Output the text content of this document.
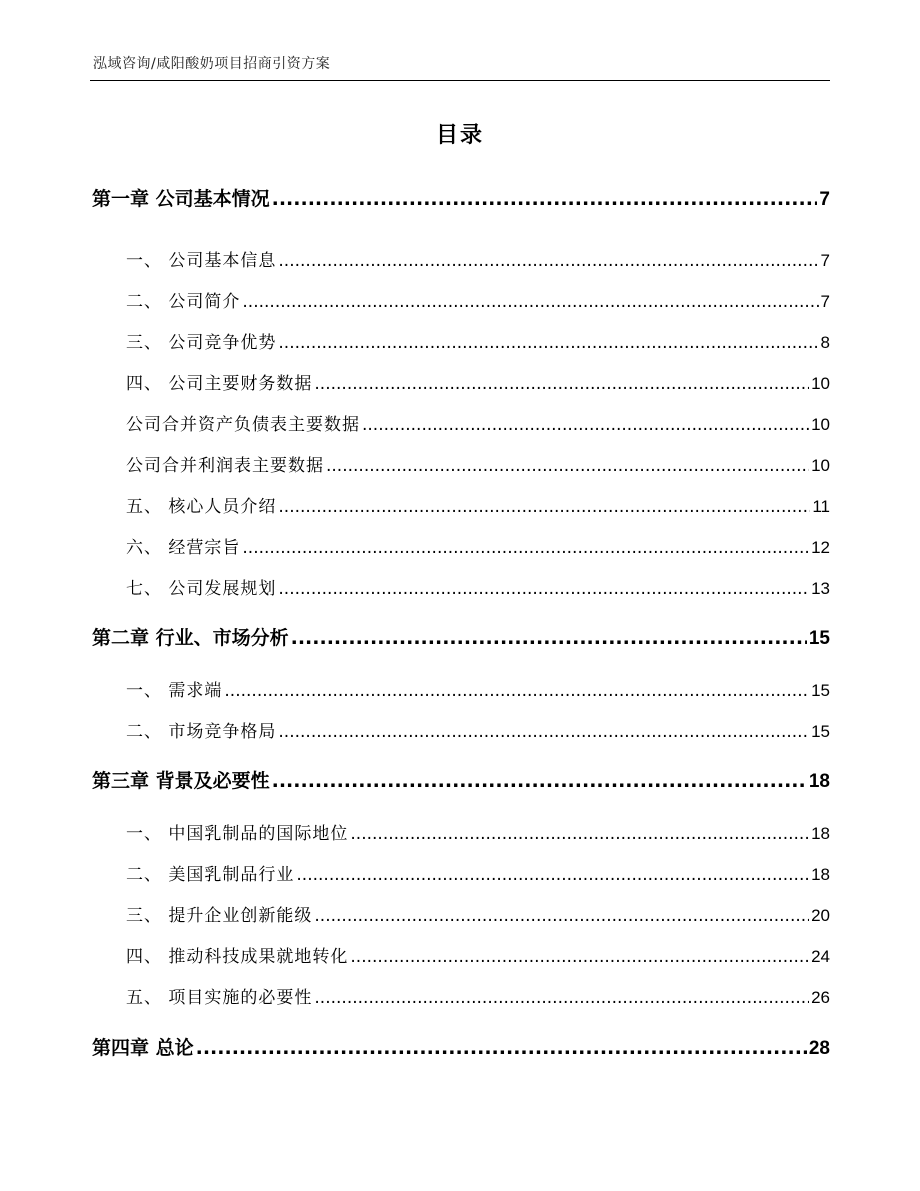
泓域咨询/咸阳酸奶项目招商引资方案
目录
第一章 公司基本情况 .....	7
一、 公司基本信息 .....	7
二、 公司简介 .....	7
三、 公司竞争优势 .....	8
四、 公司主要财务数据 .....	10
公司合并资产负债表主要数据 .....	10
公司合并利润表主要数据 .....	10
五、 核心人员介绍 .....	11
六、 经营宗旨 .....	12
七、 公司发展规划 .....	13
第二章 行业、市场分析 .....	15
一、 需求端 .....	15
二、 市场竞争格局 .....	15
第三章 背景及必要性 .....	18
一、 中国乳制品的国际地位 .....	18
二、 美国乳制品行业 .....	18
三、 提升企业创新能级 .....	20
四、 推动科技成果就地转化 .....	24
五、 项目实施的必要性 .....	26
第四章 总论 .....	28
